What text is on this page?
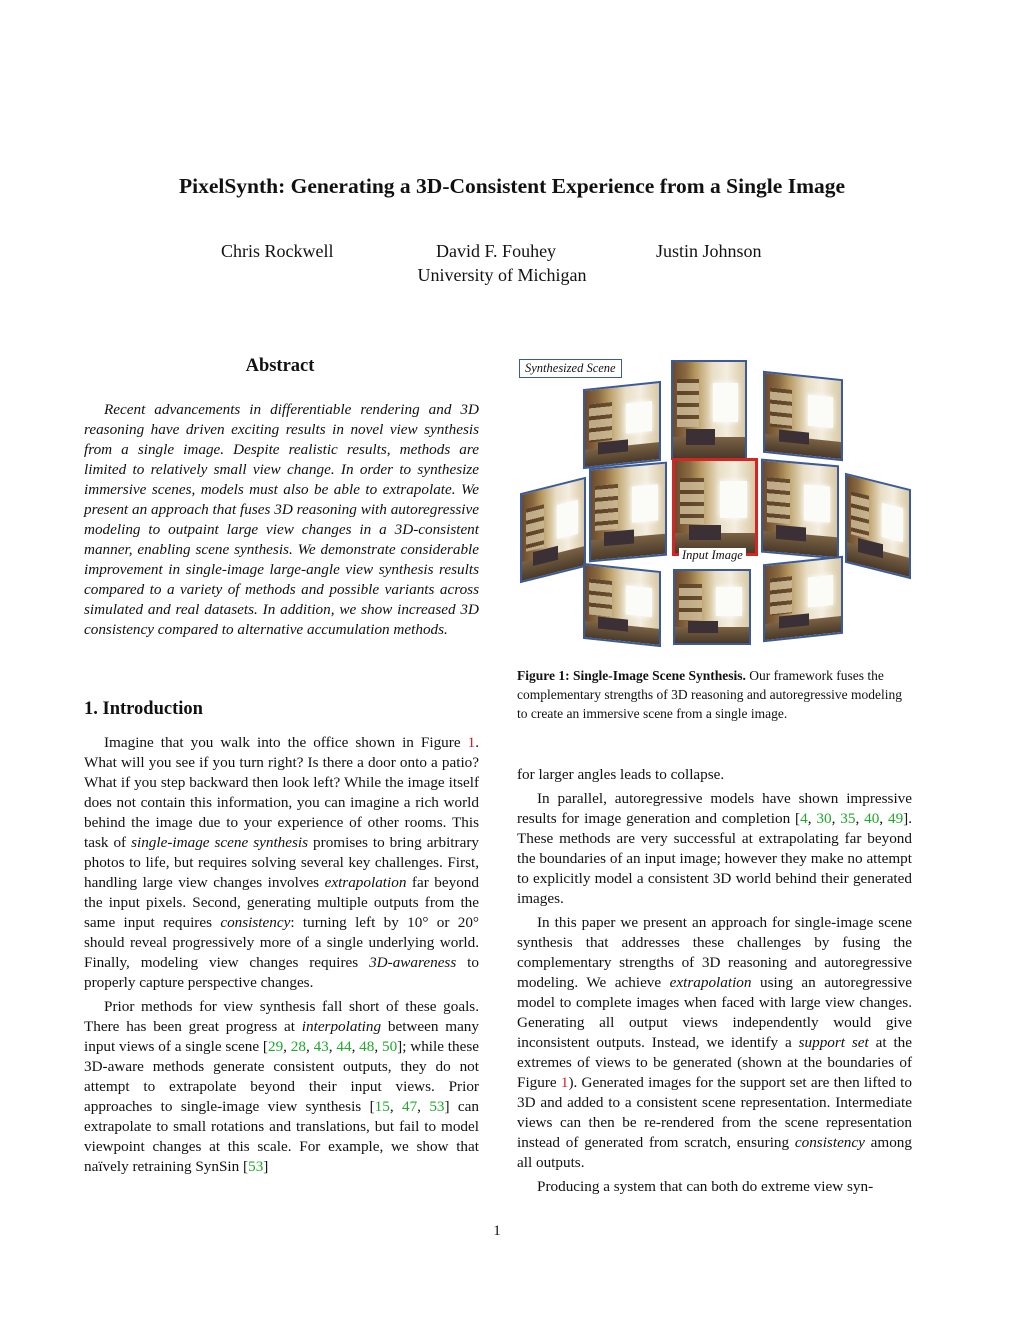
PixelSynth: Generating a 3D-Consistent Experience from a Single Image
Chris Rockwell	David F. Fouhey	Justin Johnson
University of Michigan
Abstract

Recent advancements in differentiable rendering and 3D reasoning have driven exciting results in novel view synthesis from a single image. Despite realistic results, methods are limited to relatively small view change. In order to synthesize immersive scenes, models must also be able to extrapolate. We present an approach that fuses 3D reasoning with autoregressive modeling to outpaint large view changes in a 3D-consistent manner, enabling scene synthesis. We demonstrate considerable improvement in single-image large-angle view synthesis results compared to a variety of methods and possible variants across simulated and real datasets. In addition, we show increased 3D consistency compared to alternative accumulation methods.

1. Introduction

Imagine that you walk into the office shown in Figure 1. What will you see if you turn right? Is there a door onto a patio? What if you step backward then look left? While the image itself does not contain this information, you can imagine a rich world behind the image due to your experience of other rooms. This task of single-image scene synthesis promises to bring arbitrary photos to life, but requires solving several key challenges. First, handling large view changes involves extrapolation far beyond the input pixels. Second, generating multiple outputs from the same input requires consistency: turning left by 10° or 20° should reveal progressively more of a single underlying world. Finally, modeling view changes requires 3D-awareness to properly capture perspective changes.

Prior methods for view synthesis fall short of these goals. There has been great progress at interpolating between many input views of a single scene [29, 28, 43, 44, 48, 50]; while these 3D-aware methods generate consistent outputs, they do not attempt to extrapolate beyond their input views. Prior approaches to single-image view synthesis [15, 47, 53] can extrapolate to small rotations and translations, but fail to model viewpoint changes at this scale. For example, we show that naïvely retraining SynSin [53]

Synthesized Scene
Input Image
Figure 1: Single-Image Scene Synthesis. Our framework fuses the complementary strengths of 3D reasoning and autoregressive modeling to create an immersive scene from a single image.

for larger angles leads to collapse.

In parallel, autoregressive models have shown impressive results for image generation and completion [4, 30, 35, 40, 49]. These methods are very successful at extrapolating far beyond the boundaries of an input image; however they make no attempt to explicitly model a consistent 3D world behind their generated images.

In this paper we present an approach for single-image scene synthesis that addresses these challenges by fusing the complementary strengths of 3D reasoning and autoregressive modeling. We achieve extrapolation using an autoregressive model to complete images when faced with large view changes. Generating all output views independently would give inconsistent outputs. Instead, we identify a support set at the extremes of views to be generated (shown at the boundaries of Figure 1). Generated images for the support set are then lifted to 3D and added to a consistent scene representation. Intermediate views can then be re-rendered from the scene representation instead of generated from scratch, ensuring consistency among all outputs.

Producing a system that can both do extreme view syn-

1
